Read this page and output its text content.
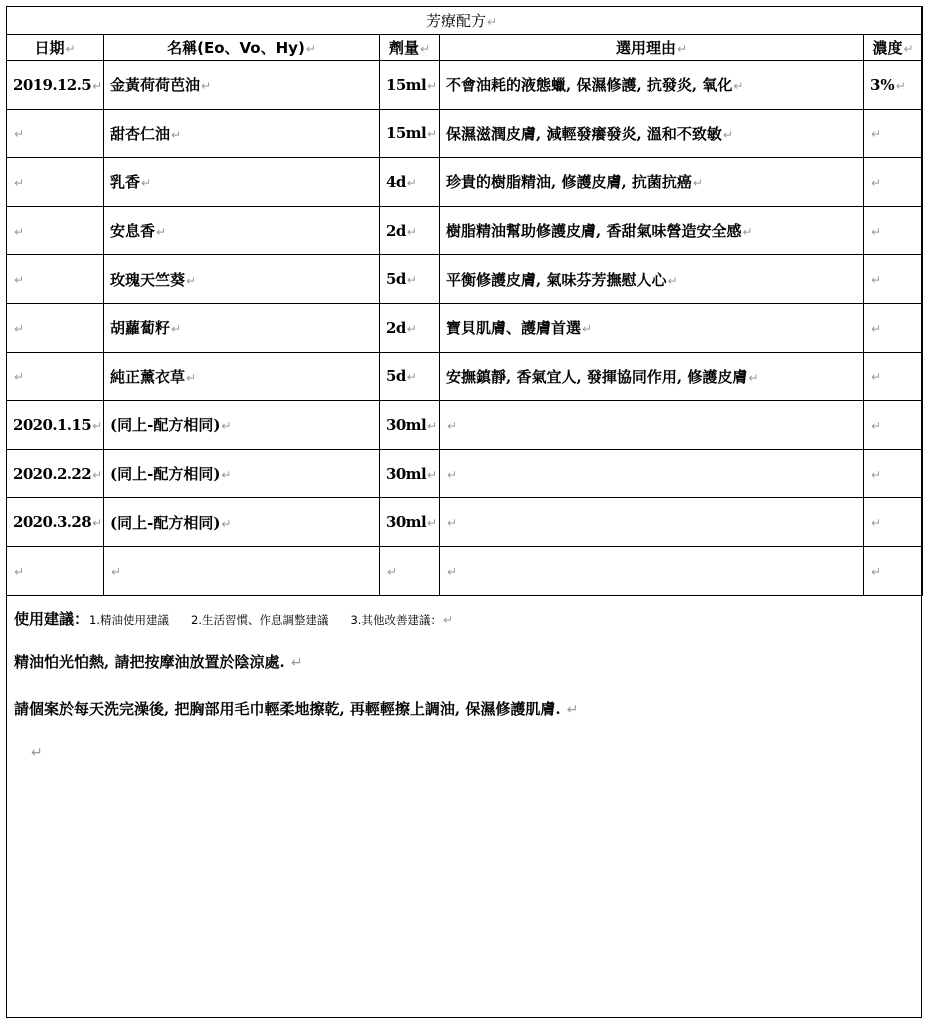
芳療配方↵				
日期↵	名稱(Eo、Vo、Hy)↵	劑量↵	選用理由↵	濃度↵
2019.12.5↵	金黃荷荷芭油↵	15ml↵	不會油耗的液態蠟, 保濕修護, 抗發炎, 氧化↵	3%↵
↵	甜杏仁油↵	15ml↵	保濕滋潤皮膚, 減輕發癢發炎, 溫和不致敏↵	↵
↵	乳香↵	4d↵	珍貴的樹脂精油, 修護皮膚, 抗菌抗癌↵	↵
↵	安息香↵	2d↵	樹脂精油幫助修護皮膚, 香甜氣味營造安全感↵	↵
↵	玫瑰天竺葵↵	5d↵	平衡修護皮膚, 氣味芬芳撫慰人心↵	↵
↵	胡蘿蔔籽↵	2d↵	寶貝肌膚、護膚首選↵	↵
↵	純正薰衣草↵	5d↵	安撫鎮靜, 香氣宜人, 發揮協同作用, 修護皮膚↵	↵
2020.1.15↵	(同上-配方相同)↵	30ml↵	↵	↵
2020.2.22↵	(同上-配方相同)↵	30ml↵	↵	↵
2020.3.28↵	(同上-配方相同)↵	30ml↵	↵	↵
↵	↵	↵	↵	↵
使用建議：1.精油使用建議 2.生活習慣、作息調整建議 3.其他改善建議：↵
精油怕光怕熱, 請把按摩油放置於陰涼處. ↵
請個案於每天洗完澡後, 把胸部用毛巾輕柔地擦乾, 再輕輕擦上調油, 保濕修護肌膚. ↵
↵
